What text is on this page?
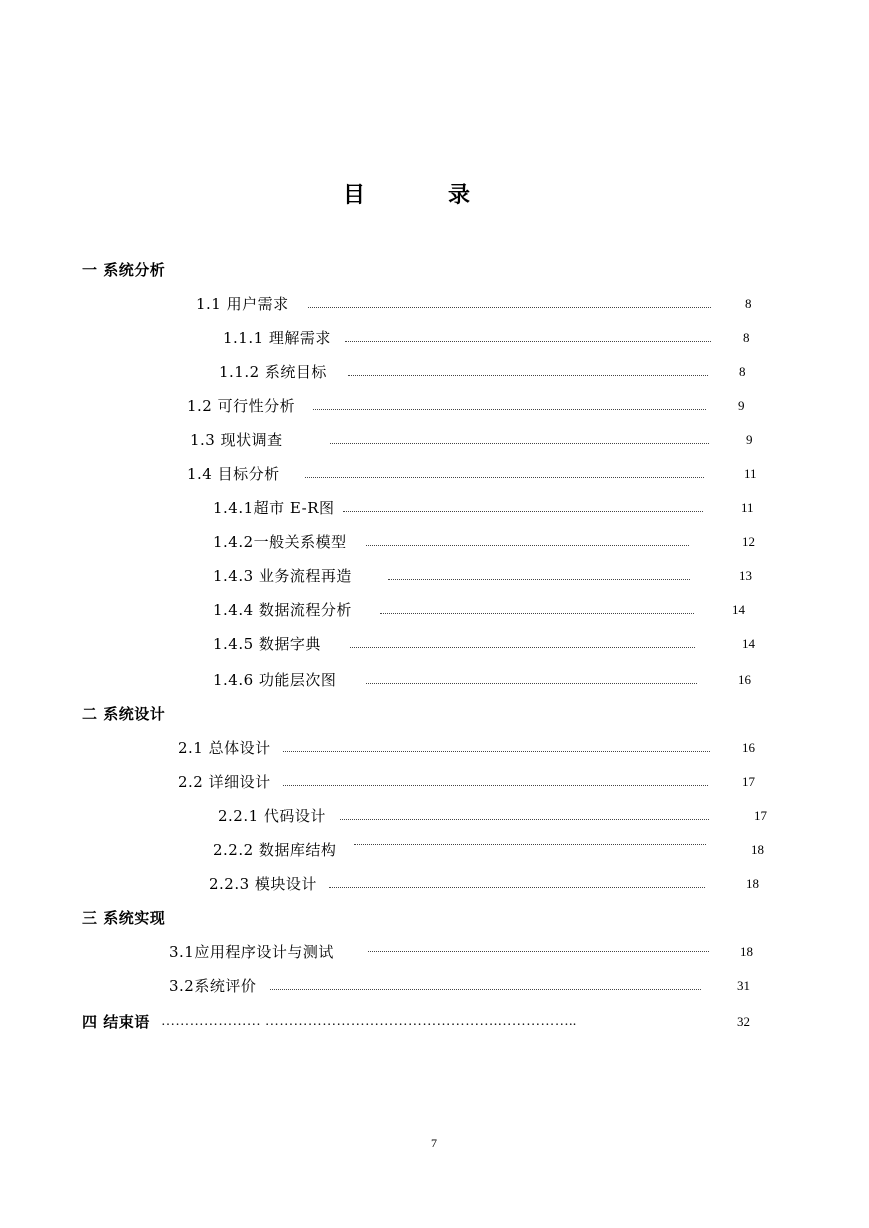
目	录
一 系统分析
1.1 用户需求	8
1.1.1 理解需求	8
1.1.2 系统目标	8
1.2 可行性分析	9
1.3 现状调查	9
1.4 目标分析	11
1.4.1超市 E-R图	11
1.4.2一般关系模型	12
1.4.3 业务流程再造	13
1.4.4 数据流程分析	14
1.4.5 数据字典	14
1.4.6 功能层次图	16
二 系统设计
2.1 总体设计	16
2.2 详细设计	17
2.2.1 代码设计	17
2.2.2 数据库结构	18
2.2.3 模块设计	18
三 系统实现
3.1应用程序设计与测试	18
3.2系统评价	31
四 结束语 ………………… ………………………………………….……………..	32
7
